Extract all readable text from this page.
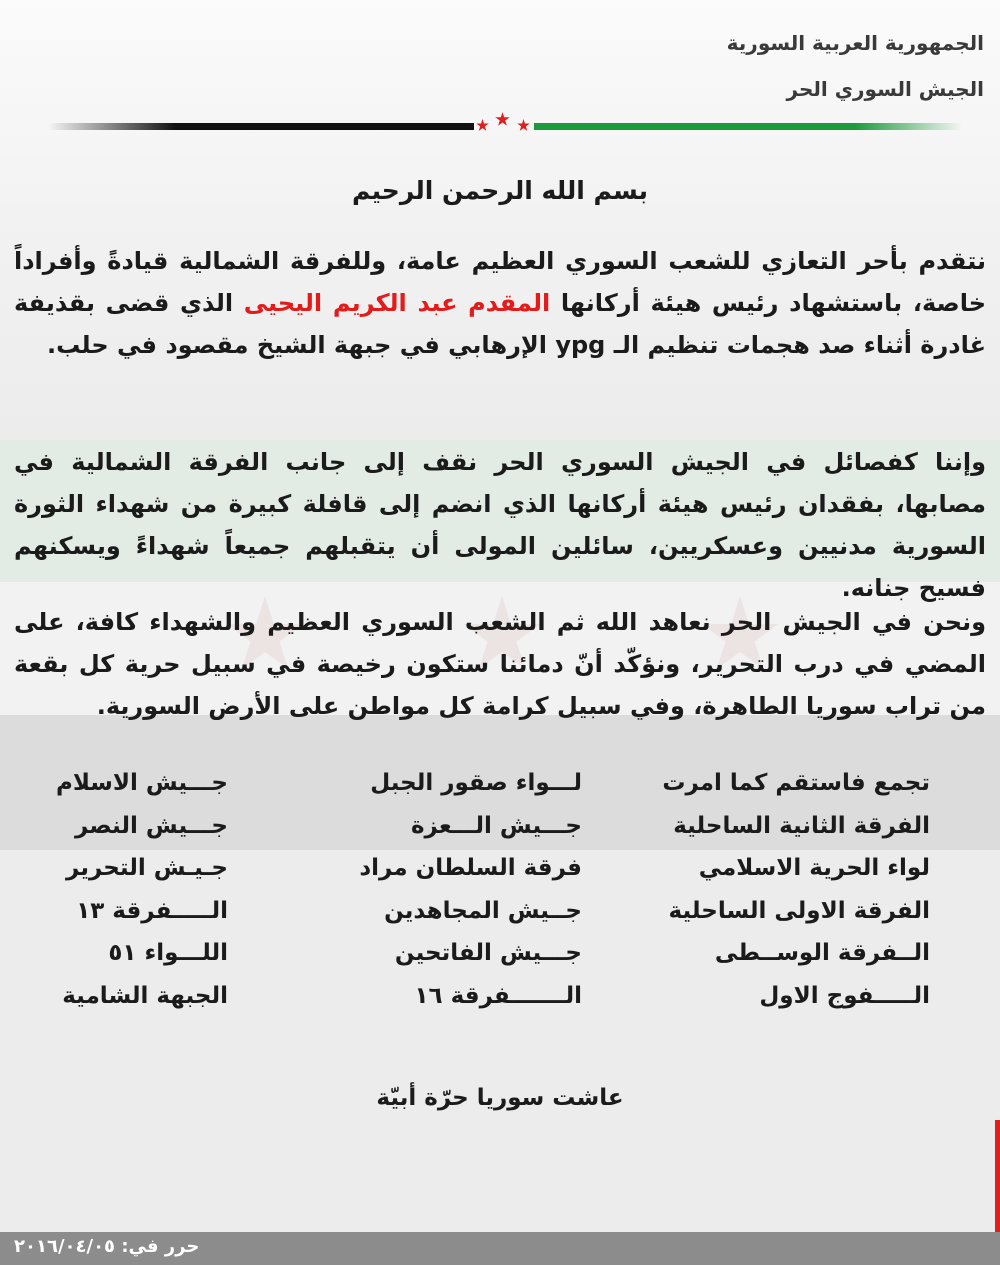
الجمهورية العربية السورية
الجيش السوري الحر
بسم الله الرحمن الرحيم
نتقدم بأحر التعازي للشعب السوري العظيم عامة، وللفرقة الشمالية قيادةً وأفراداً خاصة، باستشهاد رئيس هيئة أركانها المقدم عبد الكريم اليحيى الذي قضى بقذيفة غادرة أثناء صد هجمات تنظيم الـ ypg الإرهابي في جبهة الشيخ مقصود في حلب.
وإننا كفصائل في الجيش السوري الحر نقف إلى جانب الفرقة الشمالية في مصابها، بفقدان رئيس هيئة أركانها الذي انضم إلى قافلة كبيرة من شهداء الثورة السورية مدنيين وعسكريين، سائلين المولى أن يتقبلهم جميعاً شهداءً ويسكنهم فسيح جنانه.
ونحن في الجيش الحر نعاهد الله ثم الشعب السوري العظيم والشهداء كافة، على المضي في درب التحرير، ونؤكّد أنّ دمائنا ستكون رخيصة في سبيل حرية كل بقعة من تراب سوريا الطاهرة، وفي سبيل كرامة كل مواطن على الأرض السورية.
تجمع فاستقم كما امرت
الفرقة الثانية الساحلية
لواء الحرية الاسلامي
الفرقة الاولى الساحلية
الــفرقة الوســطى
الـــــفوج الاول
لـــواء صقور الجبل
جـــيش الـــعزة
فرقة السلطان مراد
جــيش المجاهدين
جـــيش الفاتحين
الـــــــفرقة ١٦
جـــيش الاسلام
جـــيش النصر
جـيـش التحرير
الـــــفرقة ١٣
اللـــواء ٥١
الجبهة الشامية
عاشت سوريا حرّة أبيّة
حرر في: ٢٠١٦/٠٤/٠٥
